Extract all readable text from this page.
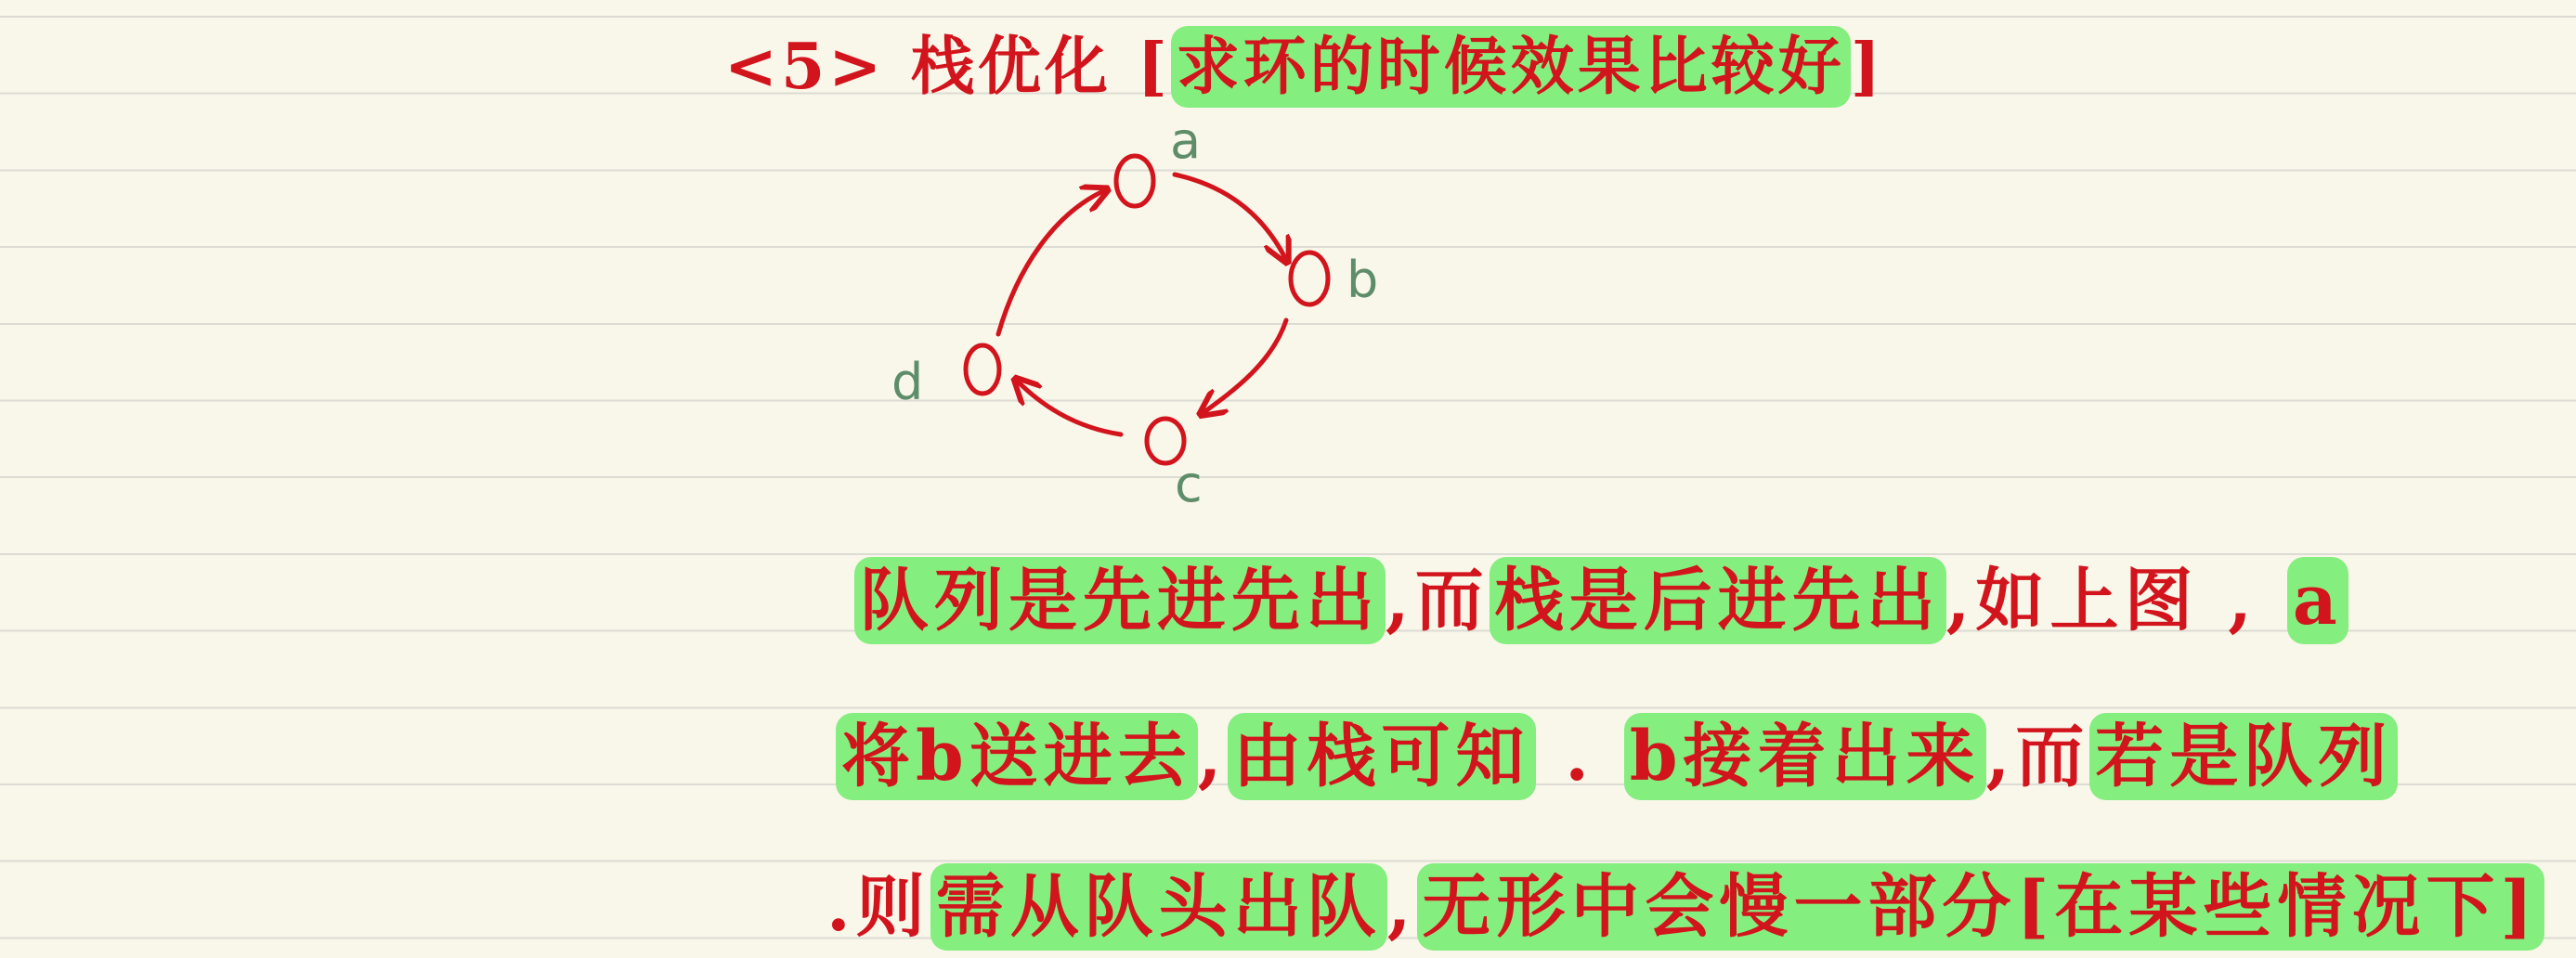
<5> 栈优化 [求环的时候效果比较好]
a
b
c
d
队列是先进先出,而栈是后进先出,如上图 , a
将b送进去,由栈可知 . b接着出来,而若是队列
.则需从队头出队,无形中会慢一部分[在某些情况下]
